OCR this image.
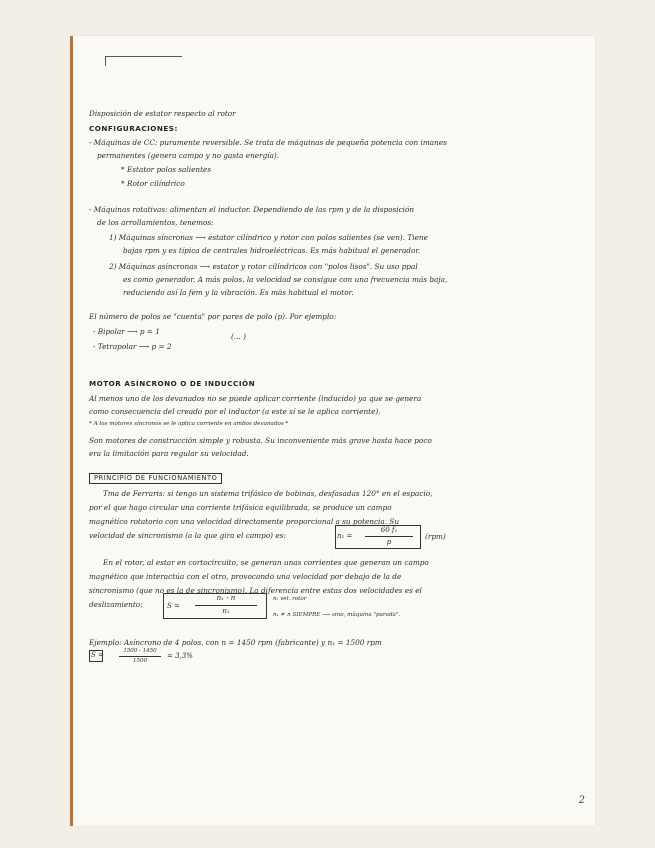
Disposición de estator respecto al rotor
CONFIGURACIONES:
- Máquinas de CC: puramente reversible. Se trata de máquinas de pequeña potencia con imanes
permanentes (genera campo y no gasta energía).
* Estator polos salientes
* Rotor cilíndrico
- Máquinas rotativas: alimentan el inductor. Dependiendo de las rpm y de la disposición
de los arrollamientos, tenemos:
1) Máquinas síncronas ⟶ estator cilíndrico y rotor con polos salientes (se ven). Tiene
bajas rpm y es típica de centrales hidroeléctricas. Es más habitual el generador.
2) Máquinas asíncronas ⟶ estator y rotor cilíndricos con "polos lisos". Su uso ppal
es como generador. A más polos, la velocidad se consigue con una frecuencia más baja,
reduciendo así la fem y la vibración. Es más habitual el motor.
El número de polos se "cuenta" por pares de polo (p). Por ejemplo:
- Bipolar ⟶ p = 1
(... )
- Tetrapolar ⟶ p = 2
MOTOR ASÍNCRONO O DE INDUCCIÓN
Al menos uno de los devanados no se puede aplicar corriente (inducido) ya que se genera
como consecuencia del creado por el inductor (a este sí se le aplica corriente).
* A los motores síncronos se le aplica corriente en ambos devanados *
Son motores de construcción simple y robusta. Su inconveniente más grave hasta hace poco
era la limitación para regular su velocidad.
PRINCIPIO DE FUNCIONAMIENTO
Tma de Ferraris: si tengo un sistema trifásico de bobinas, desfasadas 120° en el espacio,
por el que hago circular una corriente trifásica equilibrada, se produce un campo
magnético rotatorio con una velocidad directamente proporcional a su potencia. Su
velocidad de sincronismo (a la que gira el campo) es:	n₁ =
60 f₁
p
(rpm)
En el rotor, al estar en cortocircuito, se generan unas corrientes que generan un campo
magnético que interactúa con el otro, provocando una velocidad por debajo de la de
sincronismo (que no es la de sincronismo). La diferencia entre estas dos velocidades es el
deslizamiento:	S =
n₁ - n
n₁
n: vel. rotor
n₁ ≠ n SIEMPRE ⟶ sino, máquina "parada".
Ejemplo: Asíncrono de 4 polos, con n = 1450 rpm (fabricante) y n₁ = 1500 rpm
S =	1500 - 1450
1500
= 3,3%
2
